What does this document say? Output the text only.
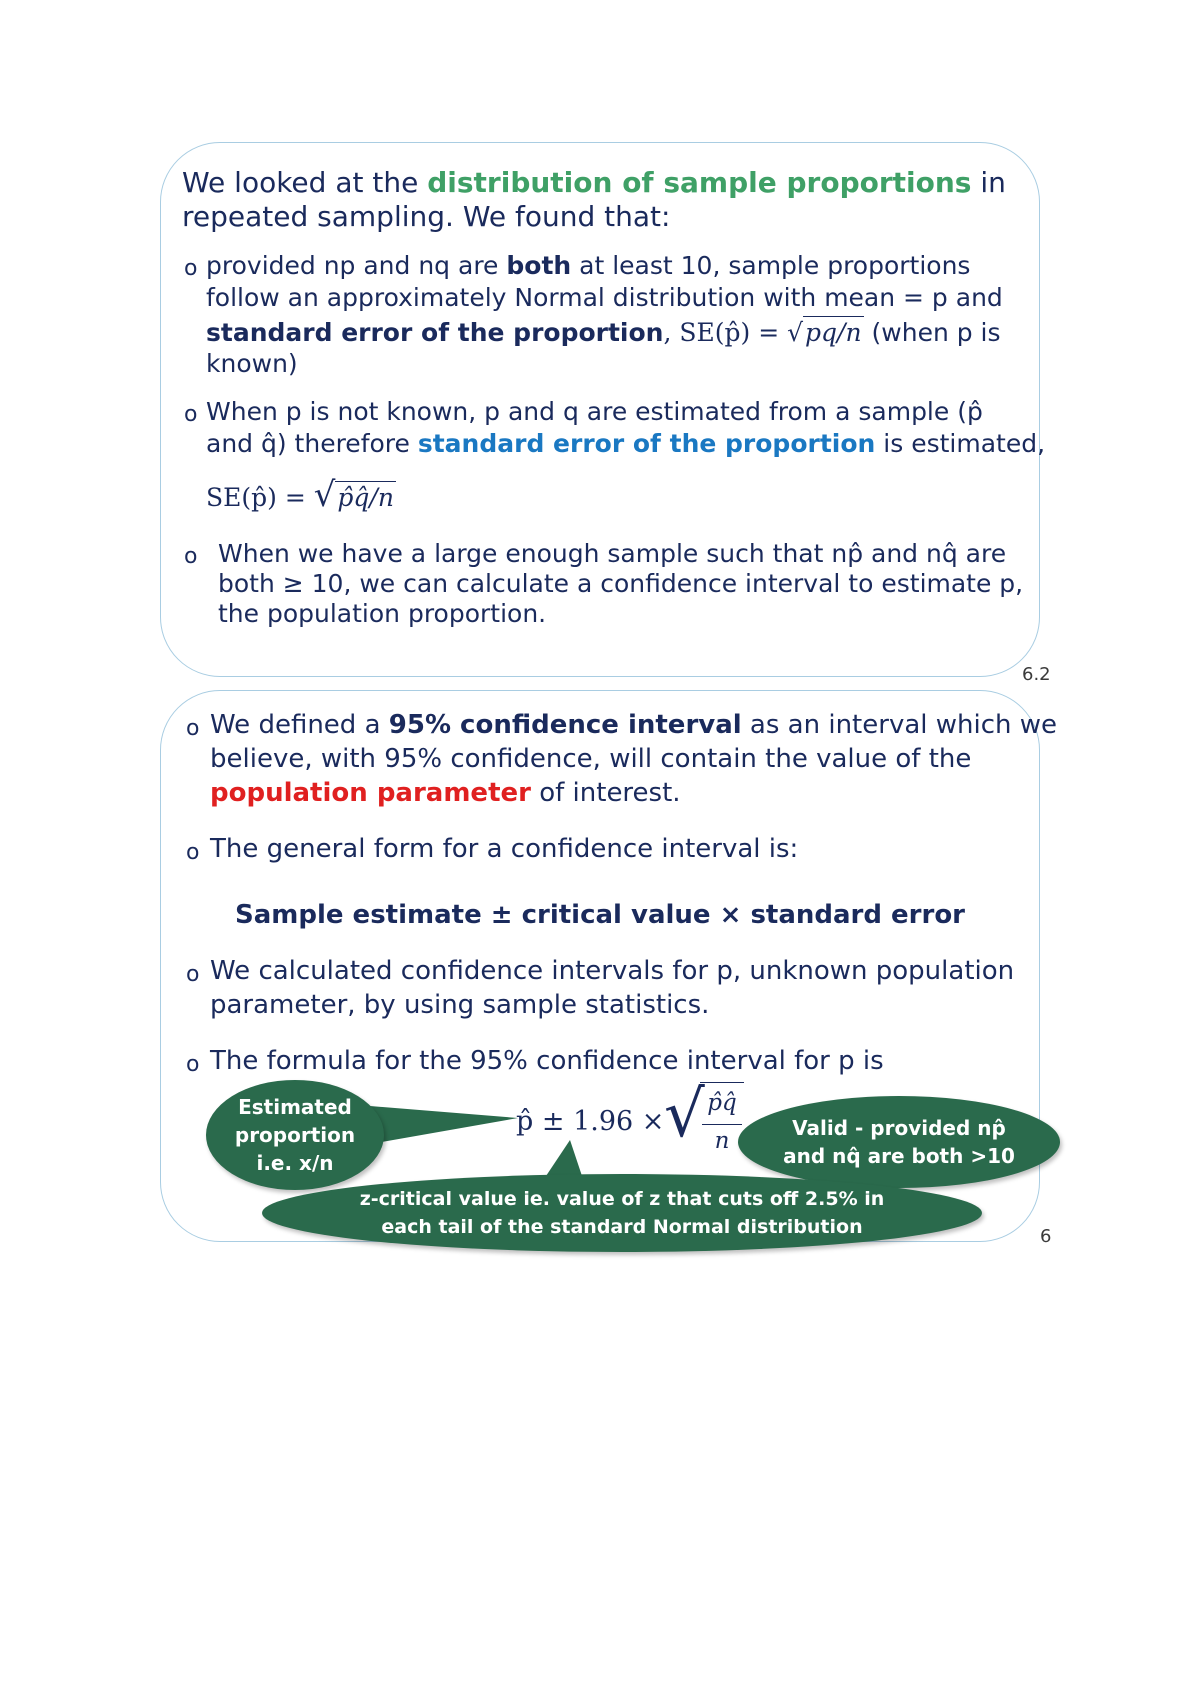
We looked at the distribution of sample proportions in
repeated sampling. We found that:
o provided np and nq are both at least 10, sample proportions
follow an approximately Normal distribution with mean = p and
standard error of the proportion, SE(p̂) = √pq/n (when p is
known)
o When p is not known, p and q are estimated from a sample (p̂
and q̂) therefore standard error of the proportion is estimated,
SE(p̂) = √p̂q̂/n
o When we have a large enough sample such that np̂ and nq̂ are
both ≥ 10, we can calculate a confidence interval to estimate p,
the population proportion.
6.2
o We defined a 95% confidence interval as an interval which we
believe, with 95% confidence, will contain the value of the
population parameter of interest.
o The general form for a confidence interval is:
Sample estimate ± critical value × standard error
o We calculated confidence intervals for p, unknown population
parameter, by using sample statistics.
o The formula for the 95% confidence interval for p is
p̂ ± 1.96 × √ p̂q̂
n
Estimated
proportion
i.e. x/n
Valid - provided np̂
and nq̂ are both >10
z-critical value ie. value of z that cuts off 2.5% in
each tail of the standard Normal distribution	6
